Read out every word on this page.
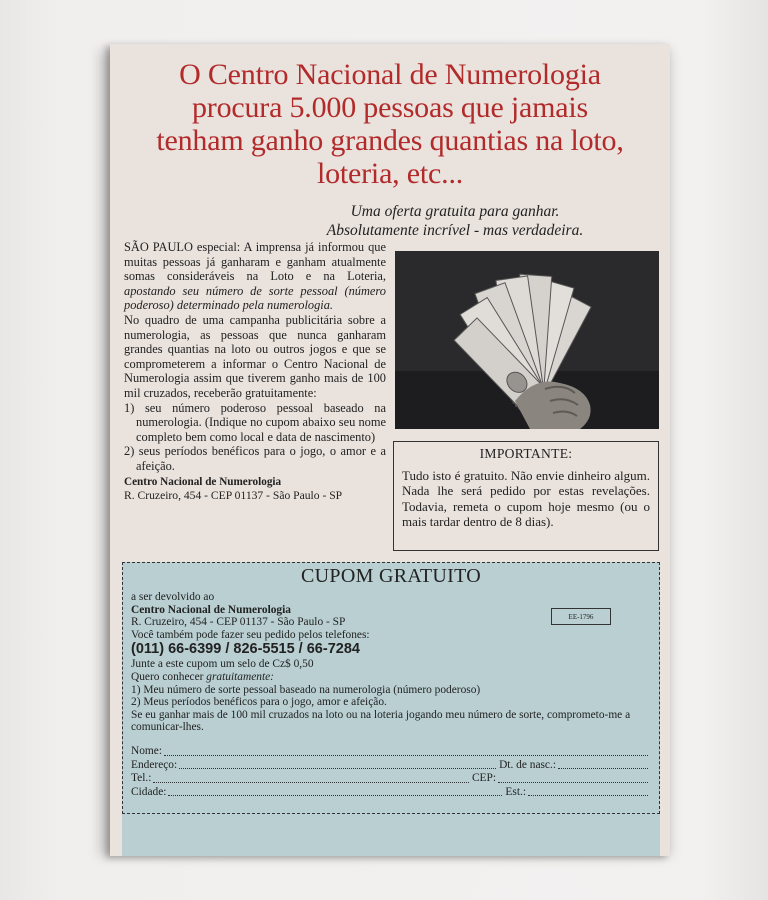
O Centro Nacional de Numerologia
procura 5.000 pessoas que jamais
tenham ganho grandes quantias na loto,
loteria, etc...
Uma oferta gratuita para ganhar.
Absolutamente incrível - mas verdadeira.

SÃO PAULO especial: A imprensa já informou que muitas pessoas já ganharam e ganham atualmente somas consideráveis na Loto e na Loteria, apostando seu número de sorte pessoal (número poderoso) determinado pela numerologia.

No quadro de uma campanha publicitária sobre a numerologia, as pessoas que nunca ganharam grandes quantias na loto ou outros jogos e que se comprometerem a informar o Centro Nacional de Numerologia assim que tiverem ganho mais de 100 mil cruzados, receberão gratuitamente:

1) seu número poderoso pessoal baseado na numerologia. (Indique no cupom abaixo seu nome completo bem como local e data de nascimento)

2) seus períodos benéficos para o jogo, o amor e a afeição.

Centro Nacional de Numerologia

R. Cruzeiro, 454 - CEP 01137 - São Paulo - SP

IMPORTANTE:
Tudo isto é gratuito. Não envie dinheiro algum. Nada lhe será pedido por estas revelações. Todavia, remeta o cupom hoje mesmo (ou o mais tardar dentro de 8 dias).
CUPOM GRATUITO
EE-1796
a ser devolvido ao
Centro Nacional de Numerologia
R. Cruzeiro, 454 - CEP 01137 - São Paulo - SP
Você também pode fazer seu pedido pelos telefones:
(011) 66-6399 / 826-5515 / 66-7284
Junte a este cupom um selo de Cz$ 0,50
Quero conhecer gratuitamente:
1) Meu número de sorte pessoal baseado na numerologia (número poderoso)
2) Meus períodos benéficos para o jogo, amor e afeição.
Se eu ganhar mais de 100 mil cruzados na loto ou na loteria jogando meu número de sorte, comprometo-me a comunicar-lhes.
Nome:
Endereço:	Dt. de nasc.:
Tel.:	CEP:
Cidade:	Est.:
